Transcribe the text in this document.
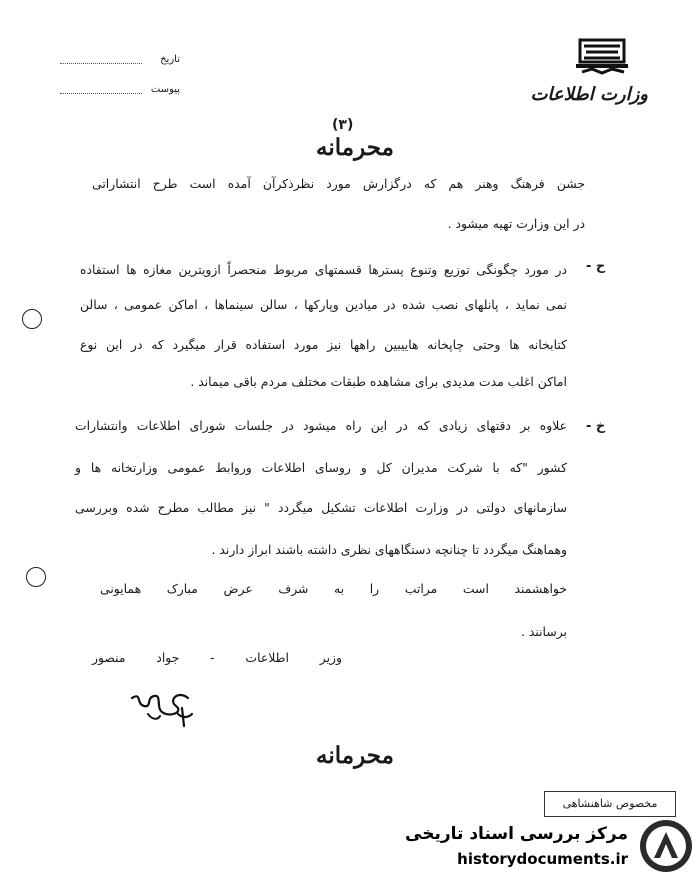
وزارت اطلاعات
تاریخ
پیوست
(۳)
محرمانه
جشن فرهنگ وهنر هم که درگزارش مورد نظرذکرآن آمده است طرح انتشاراتی
در این وزارت تهیه میشود .
ح -
در مورد چگونگی توزیع وتنوع پسترها قسمتهای مربوط منحصراً ازویترین مغازه ها استفاده
نمی نماید ، پانلهای نصب شده در میادین وپارکها ، سالن سینماها ، اماکن عمومی ، سالن
کتابخانه ها وحتی چاپخانه هاییبین راهها نیز مورد استفاده قرار میگیرد که در این نوع
اماکن اغلب مدت مدیدی برای مشاهده طبقات مختلف مردم باقی میماند .
خ -
علاوه بر دقتهای زیادی که در این راه میشود در جلسات شورای اطلاعات وانتشارات
کشور "که با شرکت مدیران کل و روسای اطلاعات وروابط عمومی وزارتخانه ها و
سازمانهای دولتی در وزارت اطلاعات تشکیل میگردد " نیز مطالب مطرح شده وبررسی
وهماهنگ میگردد تا چنانچه دستگاههای نظری داشته باشند ابراز دارند .
خواهشمند است مراتب را به شرف عرض مبارک همایونی
برسانند .
وزیر اطلاعات - جواد منصور
محرمانه
مخصوص شاهنشاهی
مرکز بررسی اسناد تاریخی
historydocuments.ir
